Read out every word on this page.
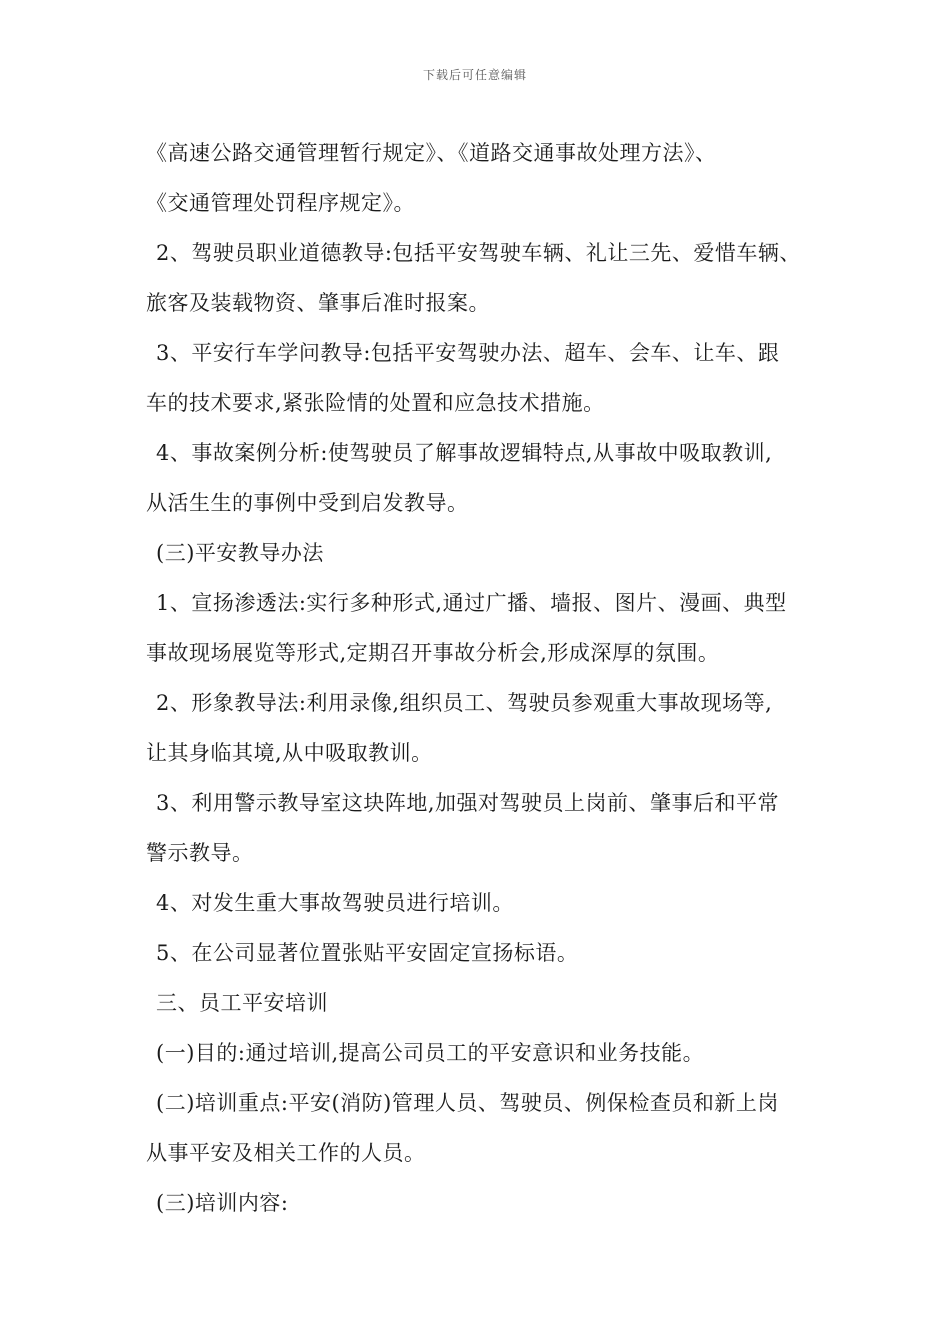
下载后可任意编辑
《高速公路交通管理暂行规定》、《道路交通事故处理方法》、
《交通管理处罚程序规定》。
2、驾驶员职业道德教导:包括平安驾驶车辆、礼让三先、爱惜车辆、
旅客及装载物资、肇事后准时报案。
3、平安行车学问教导:包括平安驾驶办法、超车、会车、让车、跟
车的技术要求,紧张险情的处置和应急技术措施。
4、事故案例分析:使驾驶员了解事故逻辑特点,从事故中吸取教训,
从活生生的事例中受到启发教导。
(三)平安教导办法
1、宣扬渗透法:实行多种形式,通过广播、墙报、图片、漫画、典型
事故现场展览等形式,定期召开事故分析会,形成深厚的氛围。
2、形象教导法:利用录像,组织员工、驾驶员参观重大事故现场等,
让其身临其境,从中吸取教训。
3、利用警示教导室这块阵地,加强对驾驶员上岗前、肇事后和平常
警示教导。
4、对发生重大事故驾驶员进行培训。
5、在公司显著位置张贴平安固定宣扬标语。
三、员工平安培训
(一)目的:通过培训,提高公司员工的平安意识和业务技能。
(二)培训重点:平安(消防)管理人员、驾驶员、例保检查员和新上岗
从事平安及相关工作的人员。
(三)培训内容:
